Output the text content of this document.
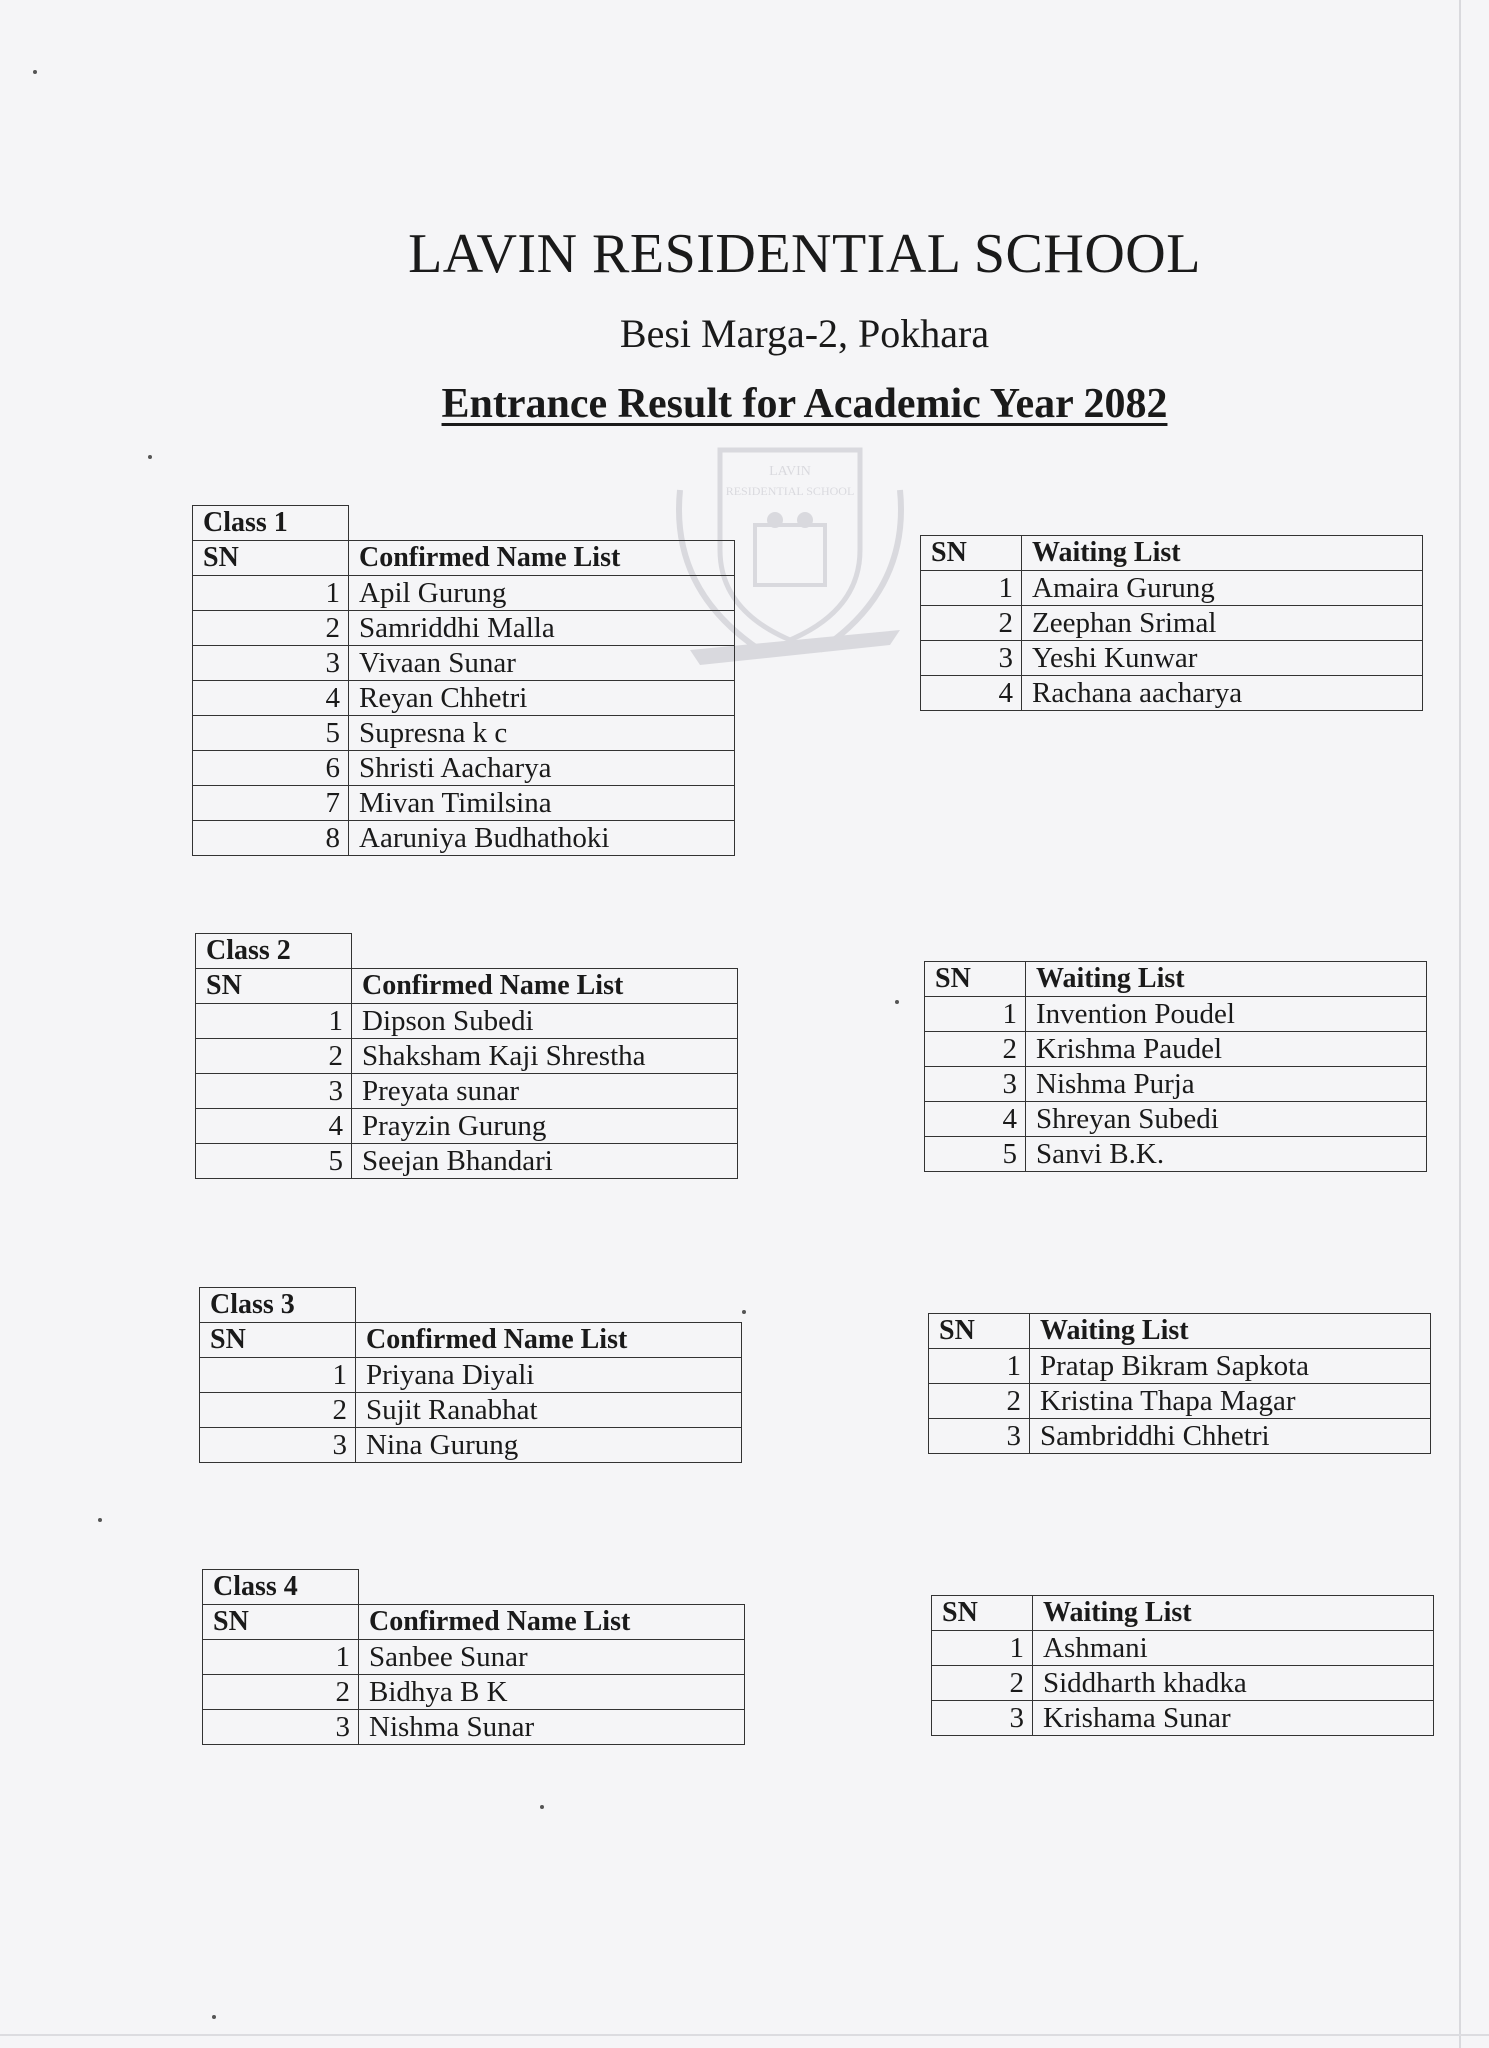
LAVIN RESIDENTIAL SCHOOL
Besi Marga-2, Pokhara
Entrance Result for Academic Year 2082
LAVIN
RESIDENTIAL SCHOOL
Class 1	
SN	Confirmed Name List
1	Apil Gurung
2	Samriddhi Malla
3	Vivaan Sunar
4	Reyan Chhetri
5	Supresna k c
6	Shristi Aacharya
7	Mivan Timilsina
8	Aaruniya Budhathoki
SN	Waiting List
1	Amaira Gurung
2	Zeephan Srimal
3	Yeshi Kunwar
4	Rachana aacharya
Class 2	
SN	Confirmed Name List
1	Dipson Subedi
2	Shaksham Kaji Shrestha
3	Preyata sunar
4	Prayzin Gurung
5	Seejan Bhandari
SN	Waiting List
1	Invention Poudel
2	Krishma Paudel
3	Nishma Purja
4	Shreyan Subedi
5	Sanvi B.K.
Class 3	
SN	Confirmed Name List
1	Priyana Diyali
2	Sujit Ranabhat
3	Nina Gurung
SN	Waiting List
1	Pratap Bikram Sapkota
2	Kristina Thapa Magar
3	Sambriddhi Chhetri
Class 4	
SN	Confirmed Name List
1	Sanbee Sunar
2	Bidhya B K
3	Nishma Sunar
SN	Waiting List
1	Ashmani
2	Siddharth khadka
3	Krishama Sunar
